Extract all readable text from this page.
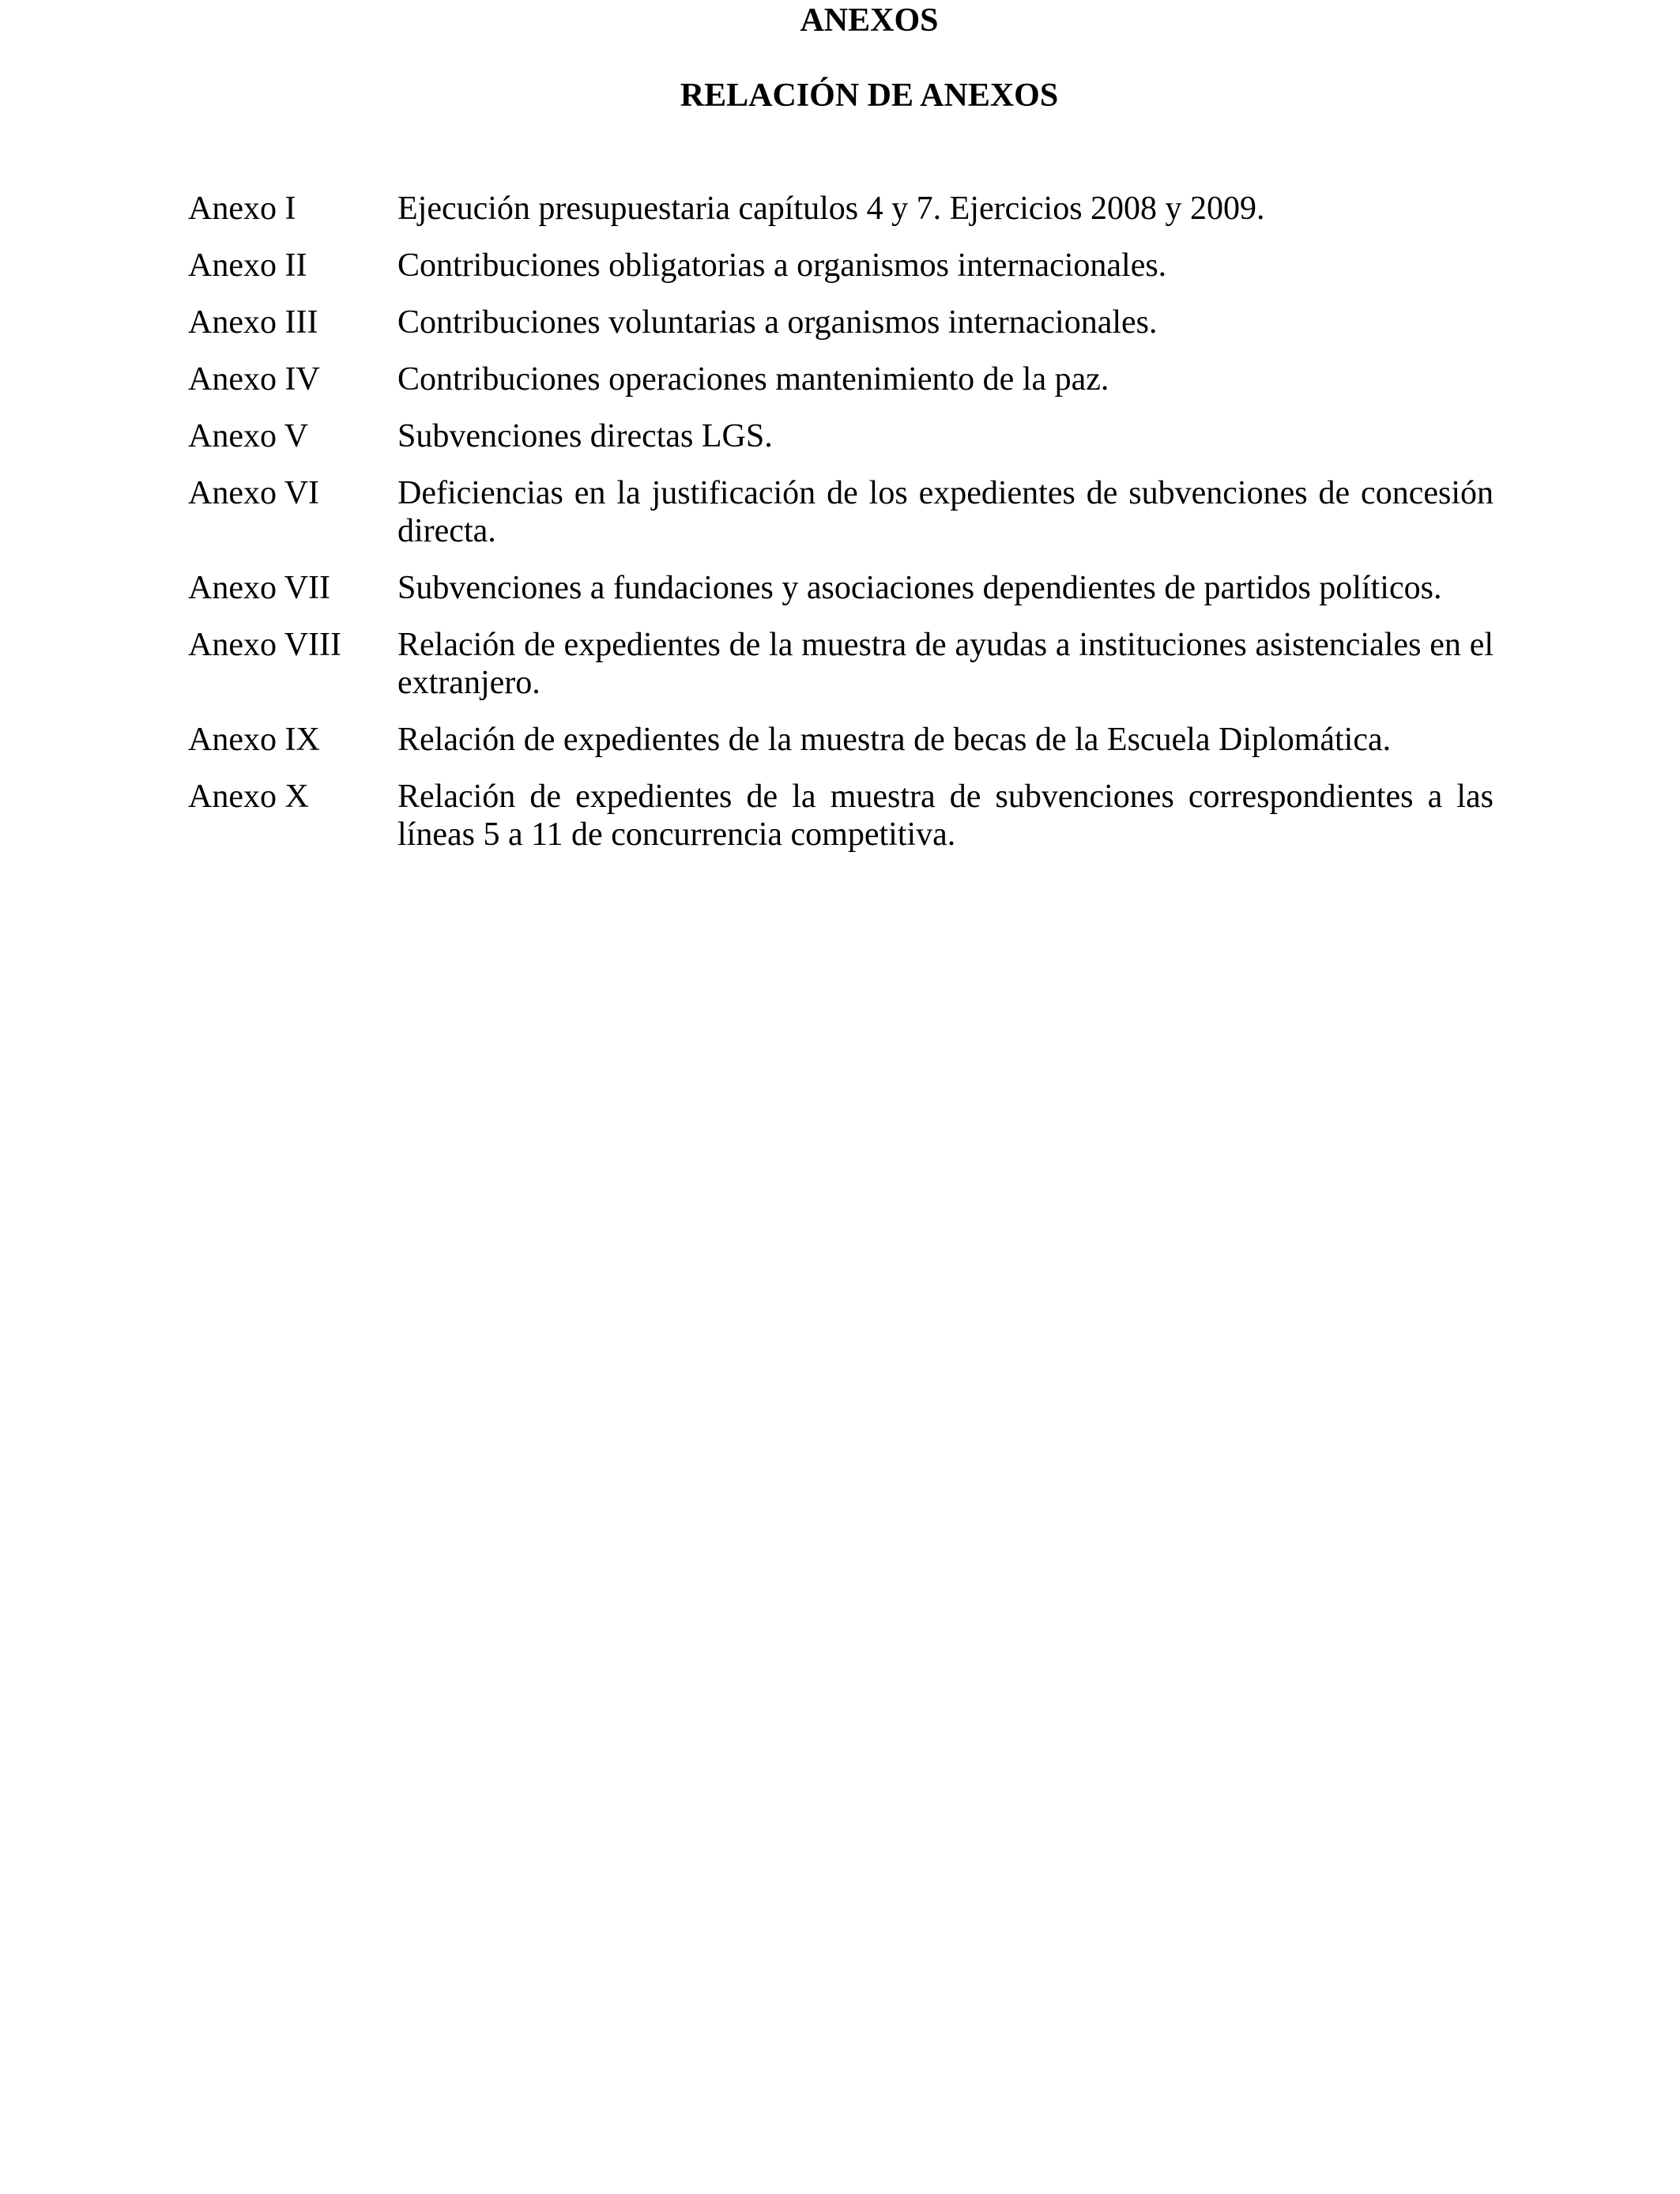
ANEXOS
RELACIÓN DE ANEXOS
Anexo I	Ejecución presupuestaria capítulos 4 y 7. Ejercicios 2008 y 2009.
Anexo II	Contribuciones obligatorias a organismos internacionales.
Anexo III	Contribuciones voluntarias a organismos internacionales.
Anexo IV	Contribuciones operaciones mantenimiento de la paz.
Anexo V	Subvenciones directas LGS.
Anexo VI	Deficiencias en la justificación de los expedientes de subvenciones de concesión directa.
Anexo VII	Subvenciones a fundaciones y asociaciones dependientes de partidos políticos.
Anexo VIII	Relación de expedientes de la muestra de ayudas a instituciones asistenciales en el extranjero.
Anexo IX	Relación de expedientes de la muestra de becas de la Escuela Diplomática.
Anexo X	Relación de expedientes de la muestra de subvenciones correspondientes a las líneas 5 a 11 de concurrencia competitiva.
